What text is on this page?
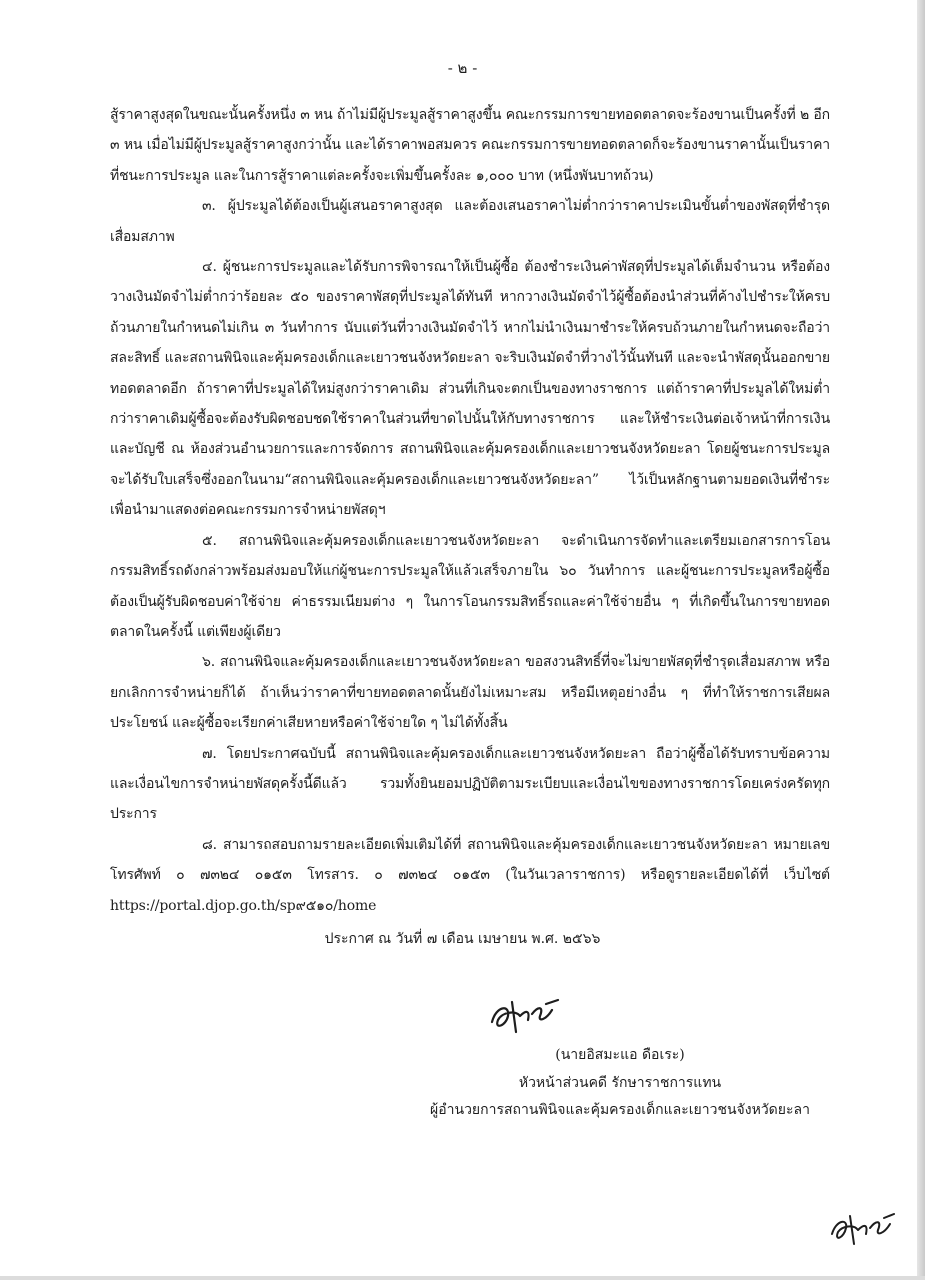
- ๒ -

สู้ราคาสูงสุดในขณะนั้นครั้งหนึ่ง ๓ หน ถ้าไม่มีผู้ประมูลสู้ราคาสูงขึ้น คณะกรรมการขายทอดตลาดจะร้องขานเป็นครั้งที่ ๒ อีก ๓ หน เมื่อไม่มีผู้ประมูลสู้ราคาสูงกว่านั้น และได้ราคาพอสมควร คณะกรรมการขายทอดตลาดก็จะร้องขานราคานั้นเป็นราคาที่ชนะการประมูล และในการสู้ราคาแต่ละครั้งจะเพิ่มขึ้นครั้งละ ๑,๐๐๐ บาท (หนึ่งพันบาทถ้วน)

๓. ผู้ประมูลได้ต้องเป็นผู้เสนอราคาสูงสุด และต้องเสนอราคาไม่ต่ำกว่าราคาประเมินขั้นต่ำของพัสดุที่ชำรุดเสื่อมสภาพ

๔. ผู้ชนะการประมูลและได้รับการพิจารณาให้เป็นผู้ซื้อ ต้องชำระเงินค่าพัสดุที่ประมูลได้เต็มจำนวน หรือต้องวางเงินมัดจำไม่ต่ำกว่าร้อยละ ๕๐ ของราคาพัสดุที่ประมูลได้ทันที หากวางเงินมัดจำไว้ผู้ซื้อต้องนำส่วนที่ค้างไปชำระให้ครบถ้วนภายในกำหนดไม่เกิน ๓ วันทำการ นับแต่วันที่วางเงินมัดจำไว้ หากไม่นำเงินมาชำระให้ครบถ้วนภายในกำหนดจะถือว่าสละสิทธิ์ และสถานพินิจและคุ้มครองเด็กและเยาวชนจังหวัดยะลา จะริบเงินมัดจำที่วางไว้นั้นทันที และจะนำพัสดุนั้นออกขายทอดตลาดอีก ถ้าราคาที่ประมูลได้ใหม่สูงกว่าราคาเดิม ส่วนที่เกินจะตกเป็นของทางราชการ แต่ถ้าราคาที่ประมูลได้ใหม่ต่ำกว่าราคาเดิมผู้ซื้อจะต้องรับผิดชอบชดใช้ราคาในส่วนที่ขาดไปนั้นให้กับทางราชการ และให้ชำระเงินต่อเจ้าหน้าที่การเงินและบัญชี ณ ห้องส่วนอำนวยการและการจัดการ สถานพินิจและคุ้มครองเด็กและเยาวชนจังหวัดยะลา โดยผู้ชนะการประมูลจะได้รับใบเสร็จซึ่งออกในนาม“สถานพินิจและคุ้มครองเด็กและเยาวชนจังหวัดยะลา” ไว้เป็นหลักฐานตามยอดเงินที่ชำระ เพื่อนำมาแสดงต่อคณะกรรมการจำหน่ายพัสดุฯ

๕. สถานพินิจและคุ้มครองเด็กและเยาวชนจังหวัดยะลา จะดำเนินการจัดทำและเตรียมเอกสารการโอนกรรมสิทธิ์รถดังกล่าวพร้อมส่งมอบให้แก่ผู้ชนะการประมูลให้แล้วเสร็จภายใน ๖๐ วันทำการ และผู้ชนะการประมูลหรือผู้ซื้อ ต้องเป็นผู้รับผิดชอบค่าใช้จ่าย ค่าธรรมเนียมต่าง ๆ ในการโอนกรรมสิทธิ์รถและค่าใช้จ่ายอื่น ๆ ที่เกิดขึ้นในการขายทอดตลาดในครั้งนี้ แต่เพียงผู้เดียว

๖. สถานพินิจและคุ้มครองเด็กและเยาวชนจังหวัดยะลา ขอสงวนสิทธิ์ที่จะไม่ขายพัสดุที่ชำรุดเสื่อมสภาพ หรือยกเลิกการจำหน่ายก็ได้ ถ้าเห็นว่าราคาที่ขายทอดตลาดนั้นยังไม่เหมาะสม หรือมีเหตุอย่างอื่น ๆ ที่ทำให้ราชการเสียผลประโยชน์ และผู้ซื้อจะเรียกค่าเสียหายหรือค่าใช้จ่ายใด ๆ ไม่ได้ทั้งสิ้น

๗. โดยประกาศฉบับนี้ สถานพินิจและคุ้มครองเด็กและเยาวชนจังหวัดยะลา ถือว่าผู้ซื้อได้รับทราบข้อความและเงื่อนไขการจำหน่ายพัสดุครั้งนี้ดีแล้ว รวมทั้งยินยอมปฏิบัติตามระเบียบและเงื่อนไขของทางราชการโดยเคร่งครัดทุกประการ

๘. สามารถสอบถามรายละเอียดเพิ่มเติมได้ที่ สถานพินิจและคุ้มครองเด็กและเยาวชนจังหวัดยะลา หมายเลขโทรศัพท์ ๐ ๗๓๒๔ ๐๑๕๓ โทรสาร. ๐ ๗๓๒๔ ๐๑๕๓ (ในวันเวลาราชการ) หรือดูรายละเอียดได้ที่ เว็บไซต์ https://portal.djop.go.th/sp๙๕๑๐/home

ประกาศ ณ วันที่ ๗ เดือน เมษายน พ.ศ. ๒๕๖๖
(นายอิสมะแอ ดือเระ)
หัวหน้าส่วนคดี รักษาราชการแทน
ผู้อำนวยการสถานพินิจและคุ้มครองเด็กและเยาวชนจังหวัดยะลา
